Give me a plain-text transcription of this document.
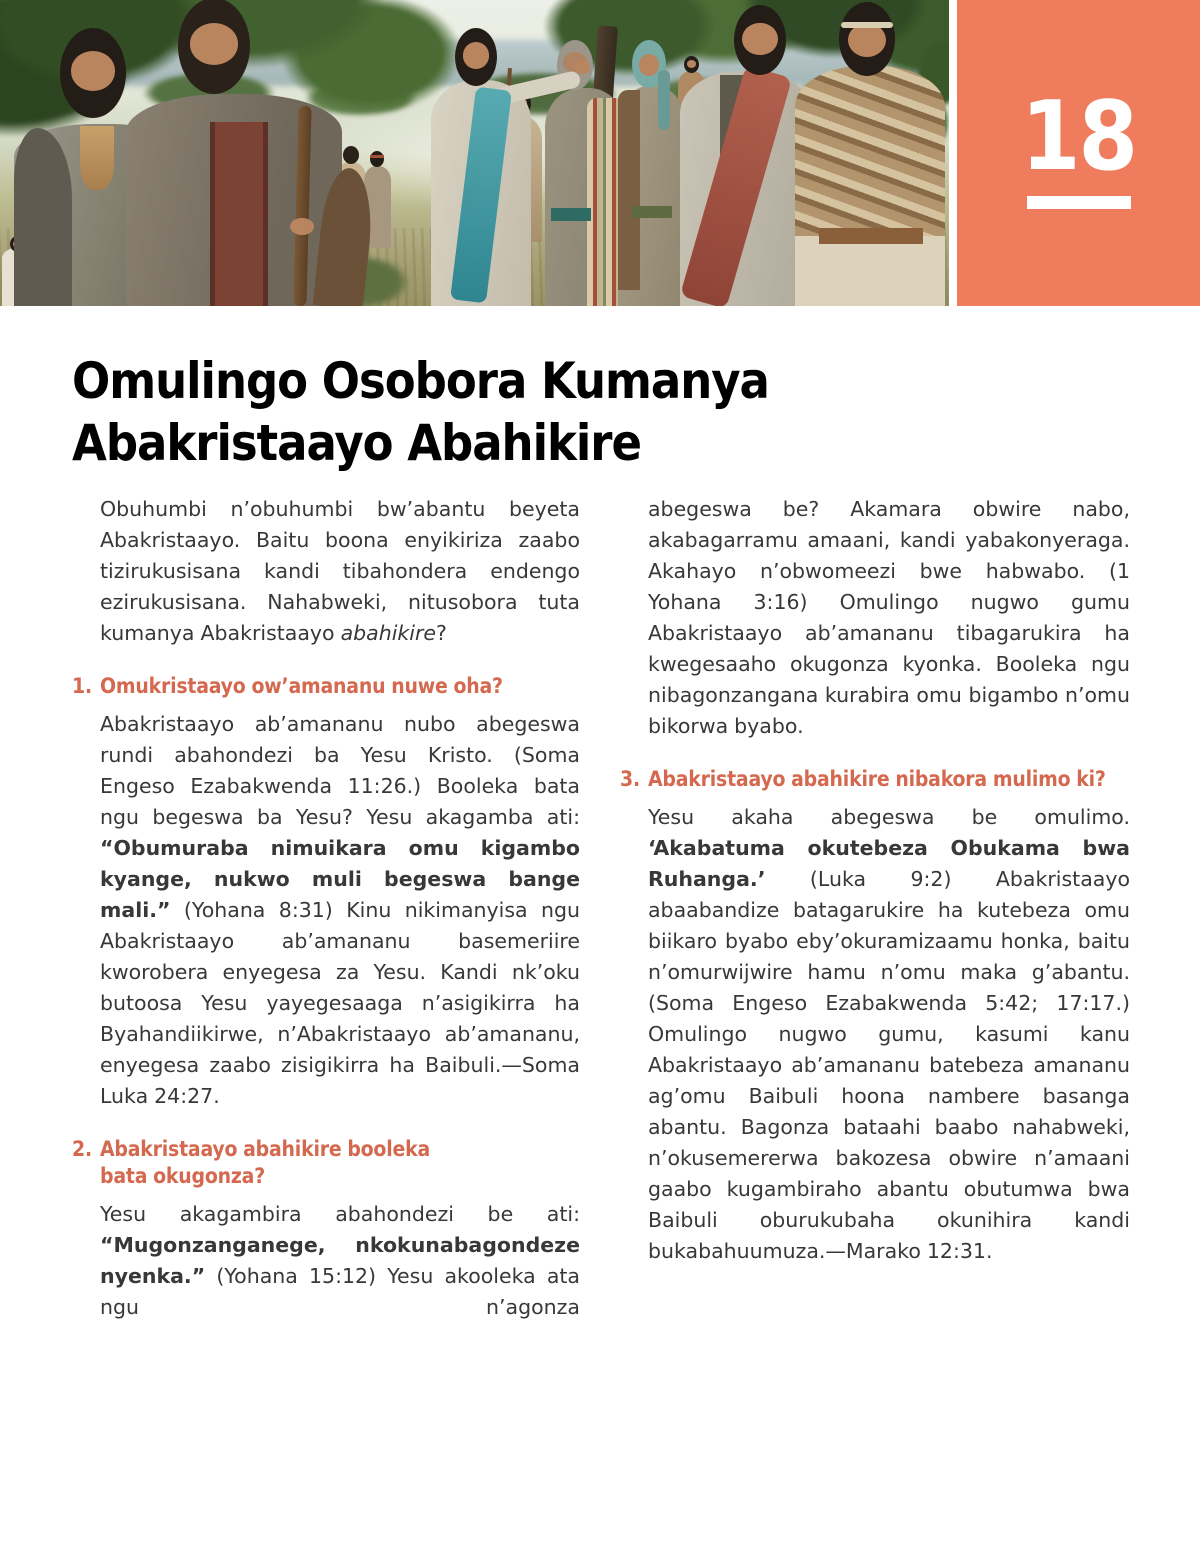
18
Omulingo Osobora Kumanya
Abakristaayo Abahikire

Obuhumbi n’obuhumbi bw’abantu beyeta Abakristaayo. Baitu boona enyikiriza zaabo tizirukusisana kandi tibahondera endengo ezirukusisana. Nahabweki, nitusobora tuta kumanya Abakristaayo abahikire?

1. Omukristaayo ow’amananu nuwe oha?

Abakristaayo ab’amananu nubo abegeswa rundi abahondezi ba Yesu Kristo. (Soma Engeso Ezabakwenda 11:26.) Booleka bata ngu begeswa ba Yesu? Yesu akagamba ati: “Obumuraba nimuikara omu kigambo kyange, nukwo muli begeswa bange mali.” (Yohana 8:31) Kinu nikimanyisa ngu Abakristaayo ab’amananu basemeriire kworobera enyegesa za Yesu. Kandi nk’oku butoosa Yesu yayegesaaga n’asigikirra ha Byahandiikirwe, n’Abakristaayo ab’amananu, enyegesa zaabo zisigikirra ha Baibuli.—Soma Luka 24:27.

2. Abakristaayo abahikire booleka bata okugonza?

Yesu akagambira abahondezi be ati: “Mugonzanganege, nkokunabagondeze nyenka.” (Yohana 15:12) Yesu akooleka ata ngu n’agonza

abegeswa be? Akamara obwire nabo, akabagarramu amaani, kandi yabakonyeraga. Akahayo n’obwomeezi bwe habwabo. (1 Yohana 3:16) Omulingo nugwo gumu Abakristaayo ab’amananu tibagarukira ha kwegesaaho okugonza kyonka. Booleka ngu nibagonzangana kurabira omu bigambo n’omu bikorwa byabo.

3. Abakristaayo abahikire nibakora mulimo ki?

Yesu akaha abegeswa be omulimo. ‘Akabatuma okutebeza Obukama bwa Ruhanga.’ (Luka 9:2) Abakristaayo abaabandize batagarukire ha kutebeza omu biikaro byabo eby’okuramizaamu honka, baitu n’omurwijwire hamu n’omu maka g’abantu. (Soma Engeso Ezabakwenda 5:42; 17:17.) Omulingo nugwo gumu, kasumi kanu Abakristaayo ab’amananu batebeza amananu ag’omu Baibuli hoona nambere basanga abantu. Bagonza bataahi baabo nahabweki, n’okusemererwa bakozesa obwire n’amaani gaabo kugambiraho abantu obutumwa bwa Baibuli oburukubaha okunihira kandi bukabahuumuza.—Marako 12:31.
